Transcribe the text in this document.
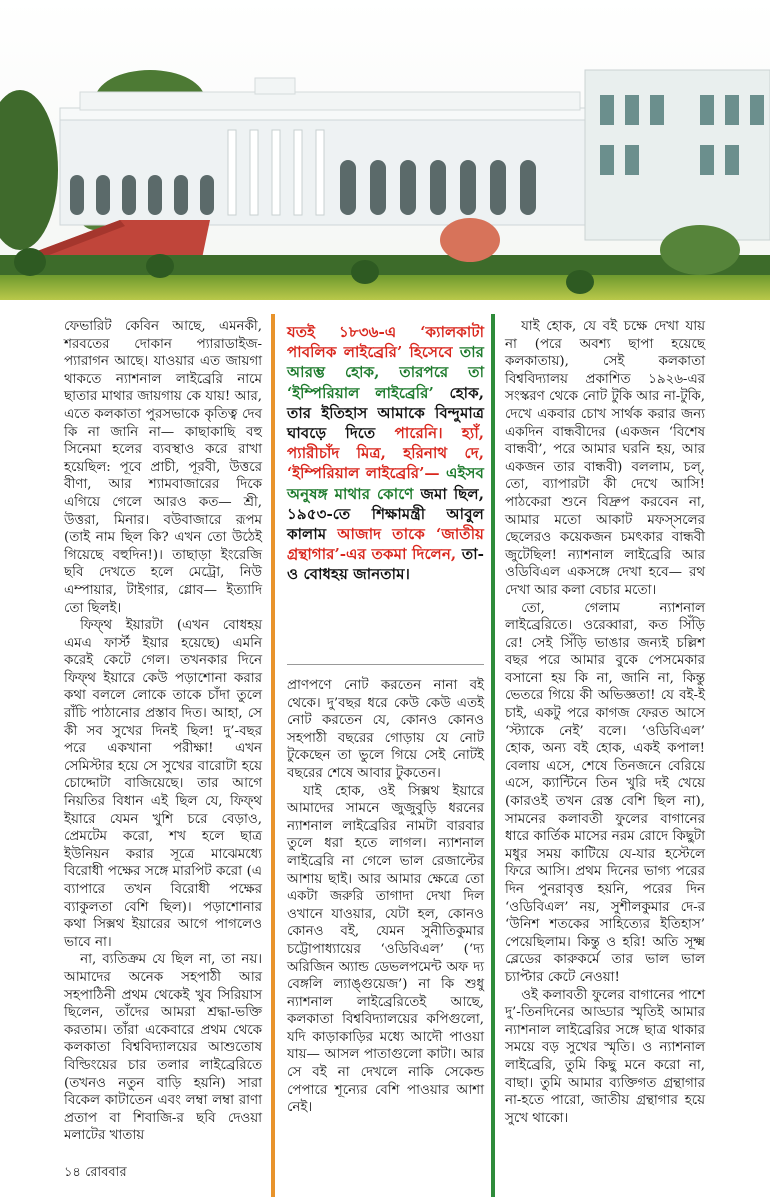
ফেভারিট কেবিন আছে, এমনকী, শরবতের দোকান প্যারাডাইজ-প্যারাগন আছে। যাওয়ার এত জায়গা থাকতে ন্যাশনাল লাইব্রেরি নামে ছাতার মাথার জায়গায় কে যায়! আর, এতে কলকাতা পুরসভাকে কৃতিত্ব দেব কি না জানি না— কাছাকাছি বহু সিনেমা হলের ব্যবস্থাও করে রাখা হয়েছিল: পূবে প্রাচী, পূরবী, উত্তরে বীণা, আর শ্যামবাজারের দিকে এগিয়ে গেলে আরও কত— শ্রী, উত্তরা, মিনার। বউবাজারে রূপম (তাই নাম ছিল কি? এখন তো উঠেই গিয়েছে বহুদিন!)। তাছাড়া ইংরেজি ছবি দেখতে হলে মেট্রো, নিউ এম্পায়ার, টাইগার, গ্লোব— ইত্যাদি তো ছিলই।

ফিফ্থ ইয়ারটা (এখন বোধহয় এমএ ফার্স্ট ইয়ার হয়েছে) এমনি করেই কেটে গেল। তখনকার দিনে ফিফ্থ ইয়ারে কেউ পড়াশোনা করার কথা বললে লোকে তাকে চাঁদা তুলে রাঁচি পাঠানোর প্রস্তাব দিত। আহা, সে কী সব সুখের দিনই ছিল! দু’-বছর পরে একখানা পরীক্ষা! এখন সেমিস্টার হয়ে সে সুখের বারোটা হয়ে চোদ্দোটা বাজিয়েছে। তার আগে নিয়তির বিধান এই ছিল যে, ফিফ্থ ইয়ারে যেমন খুশি চরে বেড়াও, প্রেমটেম করো, শখ হলে ছাত্র ইউনিয়ন করার সূত্রে মাঝেমধ্যে বিরোধী পক্ষের সঙ্গে মারপিট করো (এ ব্যাপারে তখন বিরোধী পক্ষের ব্যাকুলতা বেশি ছিল)। পড়াশোনার কথা সিক্সথ ইয়ারের আগে পাগলেও ভাবে না।

না, ব্যতিক্রম যে ছিল না, তা নয়। আমাদের অনেক সহপাঠী আর সহপাঠিনী প্রথম থেকেই খুব সিরিয়াস ছিলেন, তাঁদের আমরা শ্রদ্ধা-ভক্তি করতাম। তাঁরা একেবারে প্রথম থেকে কলকাতা বিশ্ববিদ্যালয়ের আশুতোষ বিল্ডিংয়ের চার তলার লাইব্রেরিতে (তখনও নতুন বাড়ি হয়নি) সারা বিকেল কাটাতেন এবং লম্বা লম্বা রাণা প্রতাপ বা শিবাজি-র ছবি দেওয়া মলাটের খাতায়

যতই ১৮৩৬-এ ‘ক্যালকাটা পাবলিক লাইব্রেরি’ হিসেবে তার আরম্ভ হোক, তারপরে তা ‘ইম্পিরিয়াল লাইব্রেরি’ হোক, তার ইতিহাস আমাকে বিন্দুমাত্র ঘাবড়ে দিতে পারেনি। হ্যাঁ, প্যারীচাঁদ মিত্র, হরিনাথ দে, ‘ইম্পিরিয়াল লাইব্রেরি’— এইসব অনুষঙ্গ মাথার কোণে জমা ছিল, ১৯৫৩-তে শিক্ষামন্ত্রী আবুল কালাম আজাদ তাকে ‘জাতীয় গ্রন্থাগার’-এর তকমা দিলেন, তা-ও বোধহয় জানতাম।

প্রাণপণে নোট করতেন নানা বই থেকে। দু’বছর ধরে কেউ কেউ এতই নোট করতেন যে, কোনও কোনও সহপাঠী বছরের গোড়ায় যে নোট টুকেছেন তা ভুলে গিয়ে সেই নোটই বছরের শেষে আবার টুকতেন।

যাই হোক, ওই সিক্সথ ইয়ারে আমাদের সামনে জুজুবুড়ি ধরনের ন্যাশনাল লাইব্রেরির নামটা বারবার তুলে ধরা হতে লাগল। ন্যাশনাল লাইব্রেরি না গেলে ভাল রেজাল্টের আশায় ছাই। আর আমার ক্ষেত্রে তো একটা জরুরি তাগাদা দেখা দিল ওখানে যাওয়ার, যেটা হল, কোনও কোনও বই, যেমন সুনীতিকুমার চট্টোপাধ্যায়ের ‘ওডিবিএল’ (‘দ্য অরিজিন অ্যান্ড ডেভলপমেন্ট অফ দ্য বেঙ্গলি ল্যাঙ্গুয়েজ’) না কি শুধু ন্যাশনাল লাইব্রেরিতেই আছে, কলকাতা বিশ্ববিদ্যালয়ের কপিগুলো, যদি কাড়াকাড়ির মধ্যে আদৌ পাওয়া যায়— আসল পাতাগুলো কাটা। আর সে বই না দেখলে নাকি সেকেন্ড পেপারে শূন্যের বেশি পাওয়ার আশা নেই।

যাই হোক, যে বই চক্ষে দেখা যায় না (পরে অবশ্য ছাপা হয়েছে কলকাতায়), সেই কলকাতা বিশ্ববিদ্যালয় প্রকাশিত ১৯২৬-এর সংস্করণ থেকে নোট টুকি আর না-টুকি, দেখে একবার চোখ সার্থক করার জন্য একদিন বান্ধবীদের (একজন ‘বিশেষ বান্ধবী’, পরে আমার ঘরনি হয়, আর একজন তার বান্ধবী) বললাম, চল্, তো, ব্যাপারটা কী দেখে আসি! পাঠকেরা শুনে বিদ্রুপ করবেন না, আমার মতো আকাট মফস্সলের ছেলেরও কয়েকজন চমৎকার বান্ধবী জুটেছিল! ন্যাশনাল লাইব্রেরি আর ওডিবিএল একসঙ্গে দেখা হবে— রথ দেখা আর কলা বেচার মতো।

তো, গেলাম ন্যাশনাল লাইব্রেরিতে। ওরেব্বারা, কত সিঁড়ি রে! সেই সিঁড়ি ভাঙার জন্যই চল্লিশ বছর পরে আমার বুকে পেসমেকার বসানো হয় কি না, জানি না, কিন্তু ভেতরে গিয়ে কী অভিজ্ঞতা! যে বই-ই চাই, একটু পরে কাগজ ফেরত আসে ‘স্ট্যাকে নেই’ বলে। ‘ওডিবিএল’ হোক, অন্য বই হোক, একই কপাল! বেলায় এসে, শেষে তিনজনে বেরিয়ে এসে, ক্যান্টিনে তিন খুরি দই খেয়ে (কারওই তখন রেস্ত বেশি ছিল না), সামনের কলাবতী ফুলের বাগানের ধারে কার্তিক মাসের নরম রোদে কিছুটা মধুর সময় কাটিয়ে যে-যার হস্টেলে ফিরে আসি। প্রথম দিনের ভাগ্য পরের দিন পুনরাবৃত্ত হয়নি, পরের দিন ‘ওডিবিএল’ নয়, সুশীলকুমার দে-র ‘উনিশ শতকের সাহিত্যের ইতিহাস’ পেয়েছিলাম। কিন্তু ও হরি! অতি সূক্ষ্ম ব্লেডের কারুকর্মে তার ভাল ভাল চ্যাপ্টার কেটে নেওয়া!

ওই কলাবতী ফুলের বাগানের পাশে দু’-তিনদিনের আড্ডার স্মৃতিই আমার ন্যাশনাল লাইব্রেরির সঙ্গে ছাত্র থাকার সময়ে বড় সুখের স্মৃতি। ও ন্যাশনাল লাইব্রেরি, তুমি কিছু মনে করো না, বাছা। তুমি আমার ব্যক্তিগত গ্রন্থাগার না-হতে পারো, জাতীয় গ্রন্থাগার হয়ে সুখে থাকো।

১৪ রোববার
